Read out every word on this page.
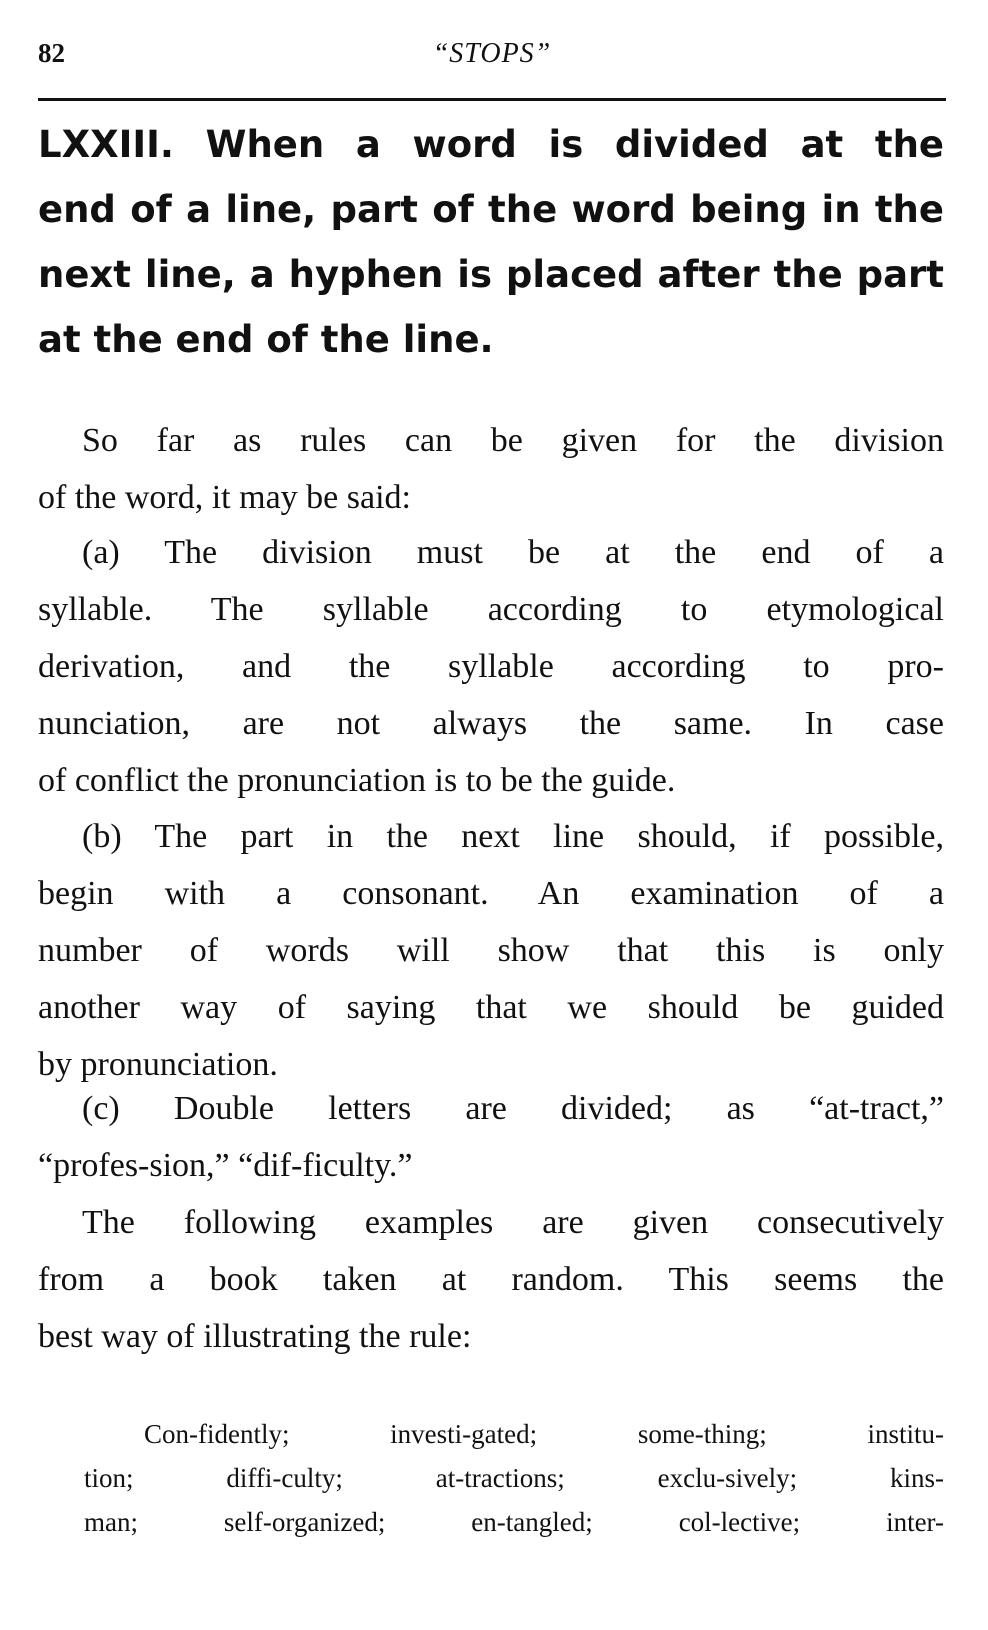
82	“STOPS”
LXXIII. When a word is divided at the
end of a line, part of the word being in the
next line, a hyphen is placed after the part
at the end of the line.
So far as rules can be given for the division
of the word, it may be said:
(a) The division must be at the end of a
syllable. The syllable according to etymological
derivation, and the syllable according to pro-
nunciation, are not always the same. In case
of conflict the pronunciation is to be the guide.
(b) The part in the next line should, if possible,
begin with a consonant. An examination of a
number of words will show that this is only
another way of saying that we should be guided
by pronunciation.
(c) Double letters are divided; as “at-tract,”
“profes-sion,” “dif-ficulty.”
The following examples are given consecutively
from a book taken at random. This seems the
best way of illustrating the rule:
Con-fidently; investi-gated; some-thing; institu-
tion; diffi-culty; at-tractions; exclu-sively; kins-
man; self-organized; en-tangled; col-lective; inter-
